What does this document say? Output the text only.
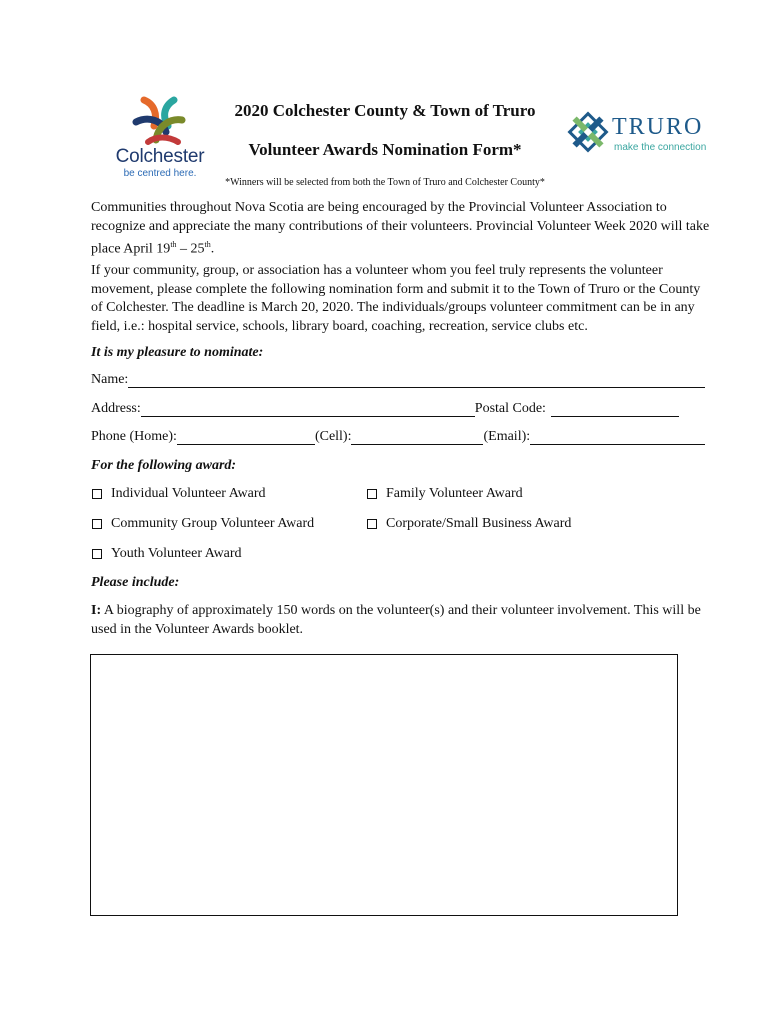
Colchester
be centred here.
TRURO
make the connection
2020 Colchester County & Town of Truro
Volunteer Awards Nomination Form*
*Winners will be selected from both the Town of Truro and Colchester County*
Communities throughout Nova Scotia are being encouraged by the Provincial Volunteer Association to recognize and appreciate the many contributions of their volunteers. Provincial Volunteer Week 2020 will take place April 19th – 25th.
If your community, group, or association has a volunteer whom you feel truly represents the volunteer movement, please complete the following nomination form and submit it to the Town of Truro or the County of Colchester. The deadline is March 20, 2020. The individuals/groups volunteer commitment can be in any field, i.e.: hospital service, schools, library board, coaching, recreation, service clubs etc.
It is my pleasure to nominate:
Name:
Address:	Postal Code:
Phone (Home):	(Cell):	(Email):
For the following award:
Individual Volunteer Award	Family Volunteer Award
Community Group Volunteer Award	Corporate/Small Business Award
Youth Volunteer Award
Please include:
I: A biography of approximately 150 words on the volunteer(s) and their volunteer involvement. This will be used in the Volunteer Awards booklet.
